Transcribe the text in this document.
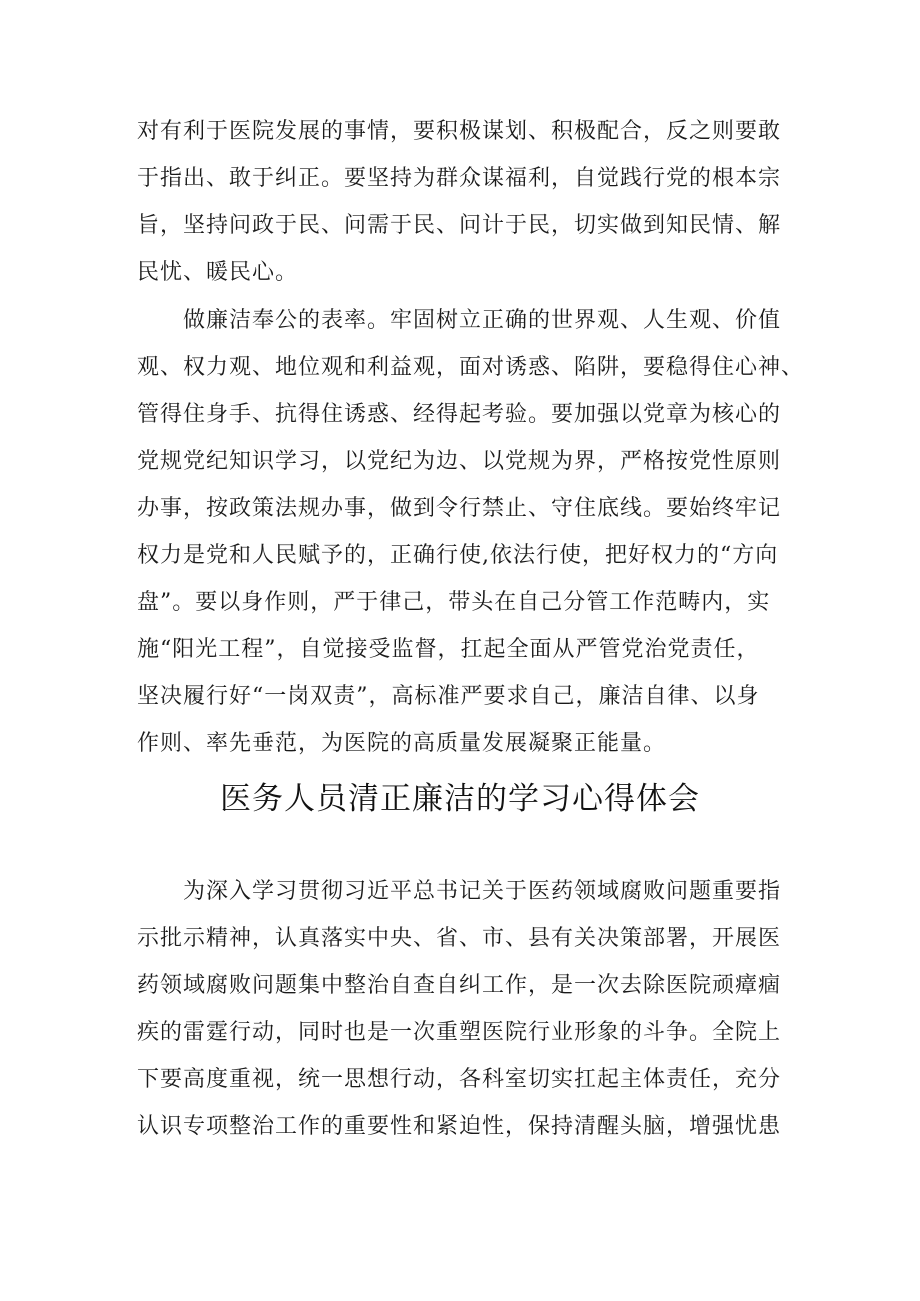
对有利于医院发展的事情，要积极谋划、积极配合，反之则要敢
于指出、敢于纠正。要坚持为群众谋福利，自觉践行党的根本宗
旨，坚持问政于民、问需于民、问计于民，切实做到知民情、解
民忧、暖民心。
做廉洁奉公的表率。牢固树立正确的世界观、人生观、价值
观、权力观、地位观和利益观，面对诱惑、陷阱，要稳得住心神、
管得住身手、抗得住诱惑、经得起考验。要加强以党章为核心的
党规党纪知识学习，以党纪为边、以党规为界，严格按党性原则
办事，按政策法规办事，做到令行禁止、守住底线。要始终牢记
权力是党和人民赋予的，正确行使,依法行使，把好权力的“方向
盘”。要以身作则，严于律己，带头在自己分管工作范畴内，实
施“阳光工程”，自觉接受监督，扛起全面从严管党治党责任，
坚决履行好“一岗双责”，高标准严要求自己，廉洁自律、以身
作则、率先垂范，为医院的高质量发展凝聚正能量。
医务人员清正廉洁的学习心得体会
为深入学习贯彻习近平总书记关于医药领域腐败问题重要指
示批示精神，认真落实中央、省、市、县有关决策部署，开展医
药领域腐败问题集中整治自查自纠工作，是一次去除医院顽瘴痼
疾的雷霆行动，同时也是一次重塑医院行业形象的斗争。全院上
下要高度重视，统一思想行动，各科室切实扛起主体责任，充分
认识专项整治工作的重要性和紧迫性，保持清醒头脑，增强忧患
